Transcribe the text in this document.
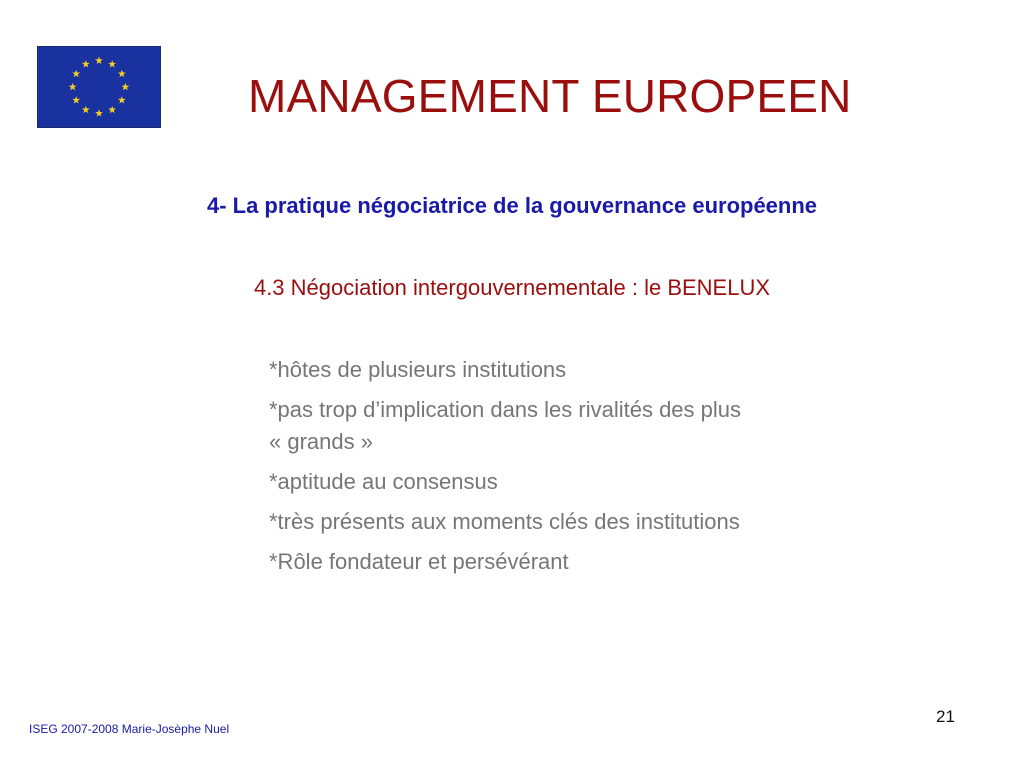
MANAGEMENT EUROPEEN
4- La pratique négociatrice de la gouvernance européenne
4.3 Négociation intergouvernementale : le BENELUX
*hôtes de plusieurs institutions
*pas trop d’implication dans les rivalités des plus
« grands »
*aptitude au consensus
*très présents aux moments clés des institutions
*Rôle fondateur et persévérant
ISEG 2007-2008 Marie-Josèphe Nuel
21
